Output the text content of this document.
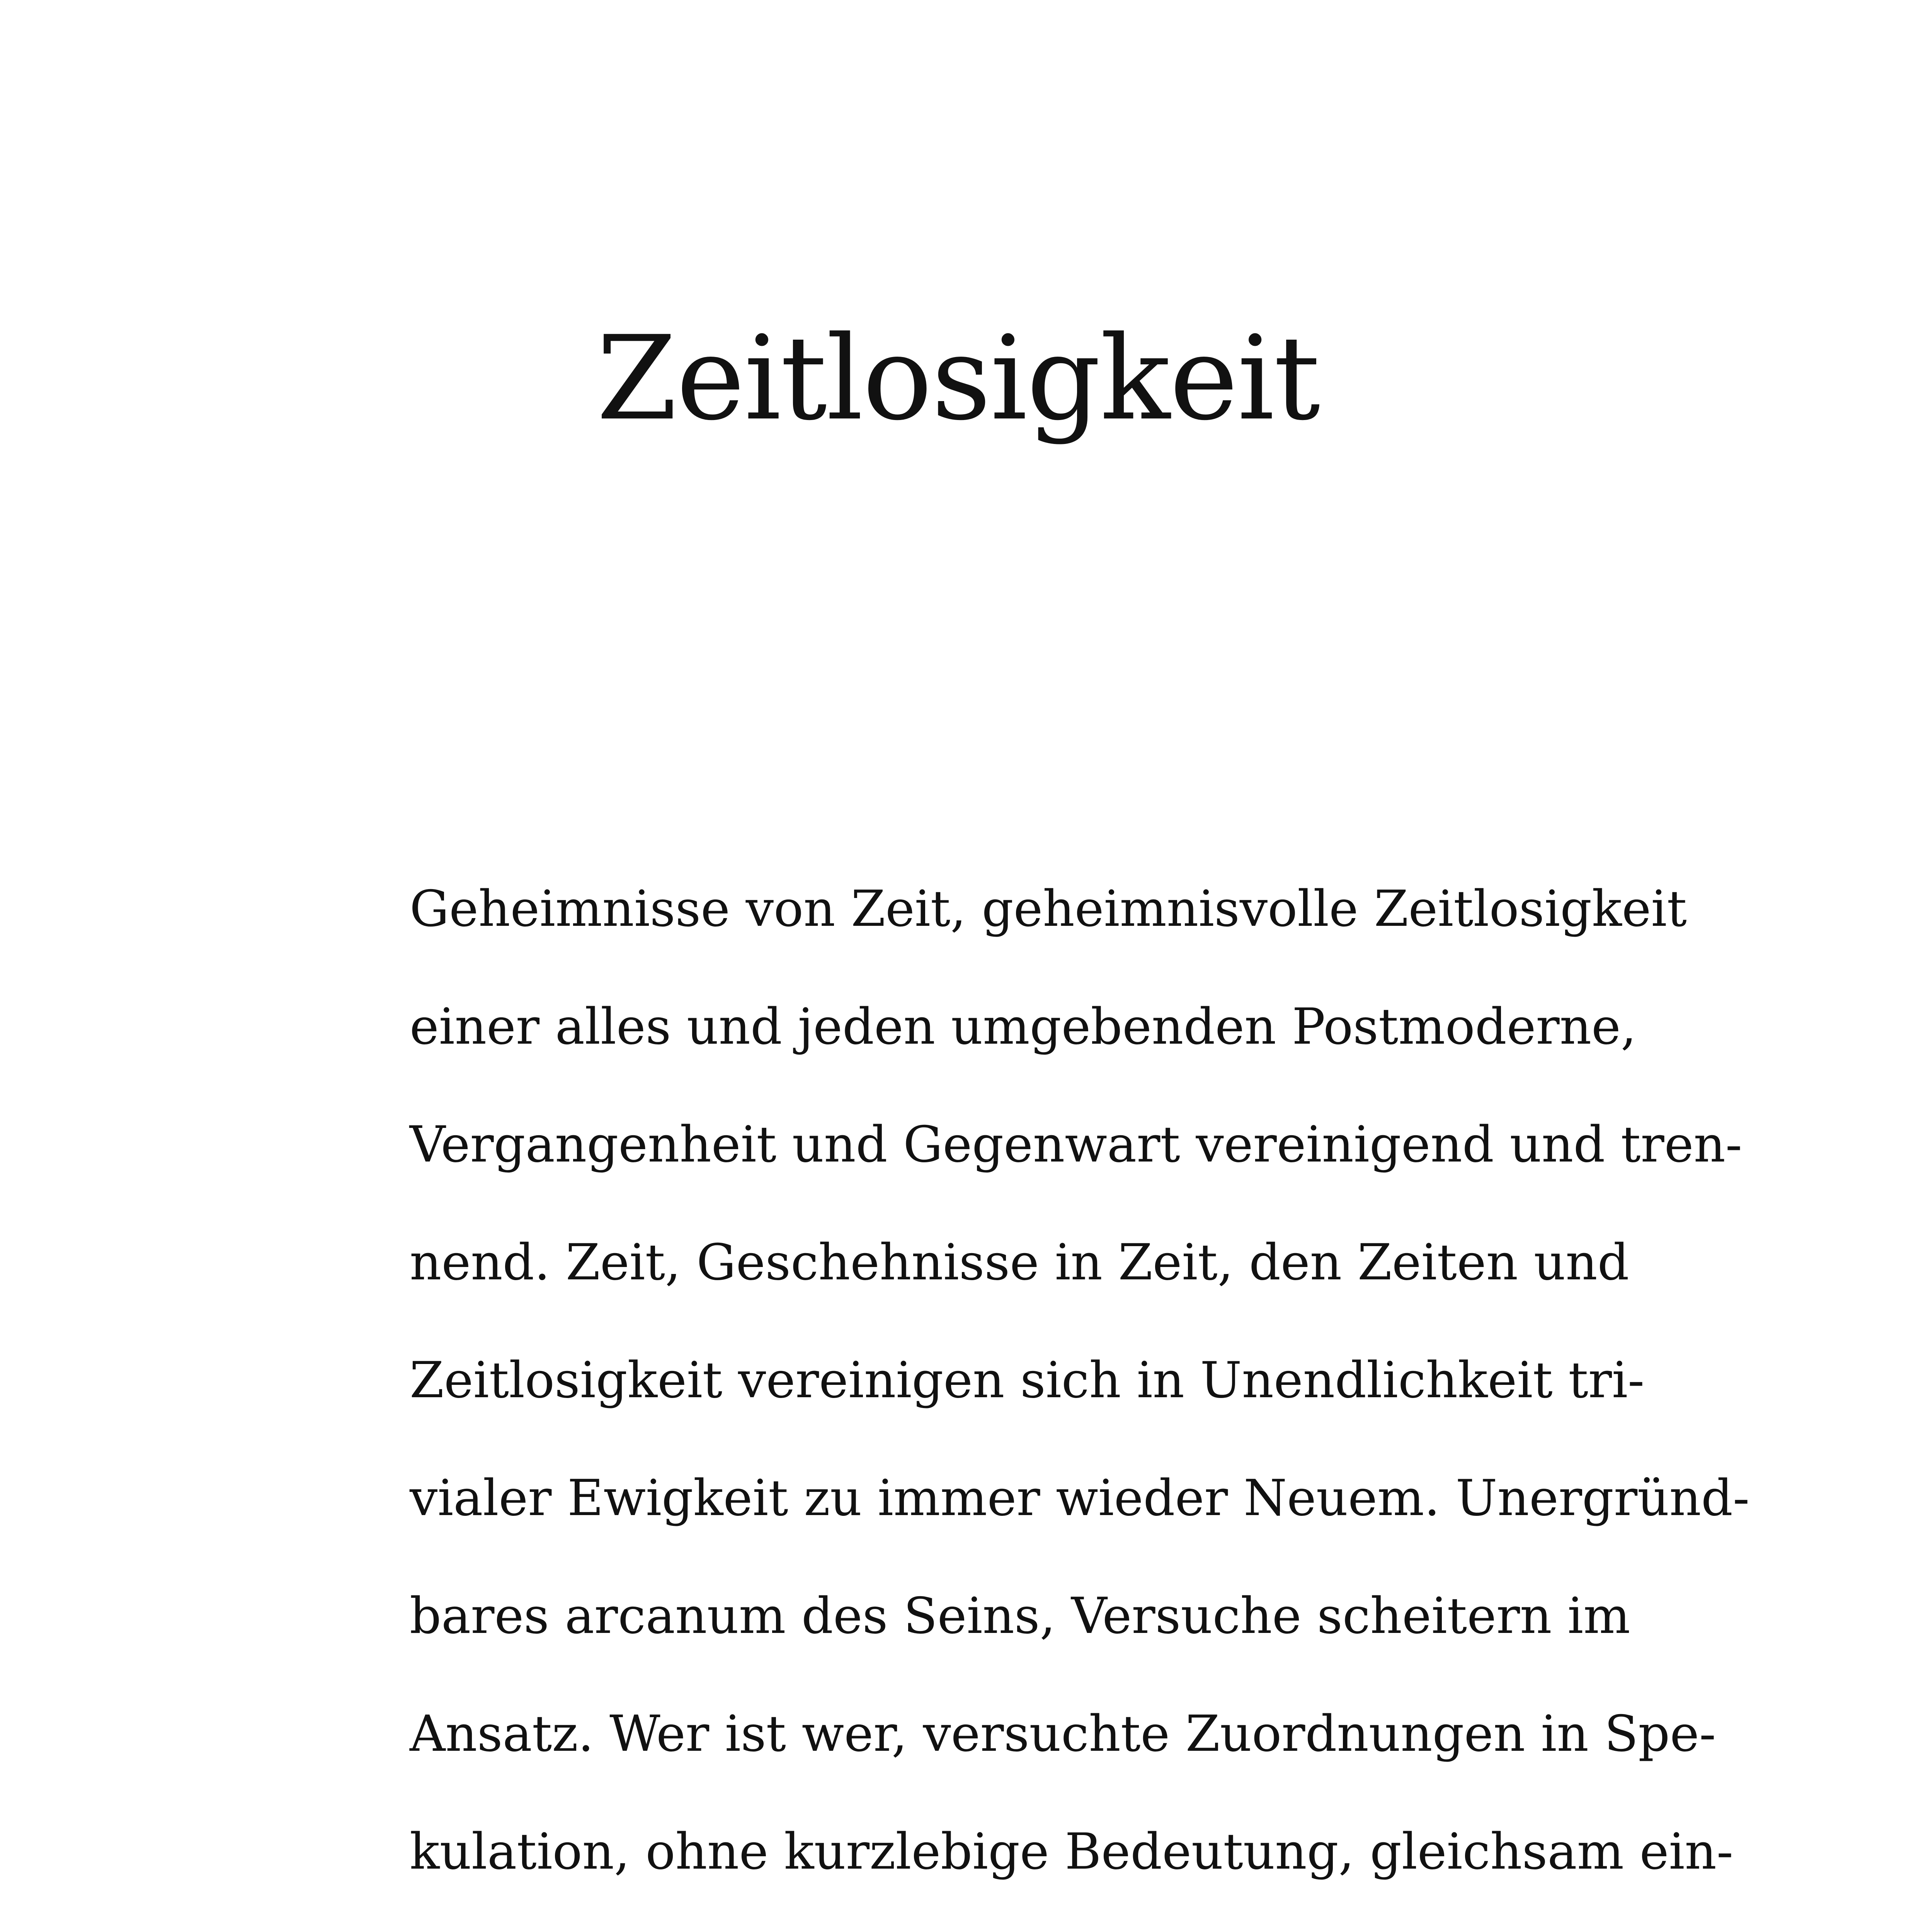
Zeitlosigkeit
Geheimnisse von Zeit, geheimnisvolle Zeitlosigkeit
einer alles und jeden umgebenden Postmoderne,
Vergangenheit und Gegenwart vereinigend und tren-
nend. Zeit, Geschehnisse in Zeit, den Zeiten und
Zeitlosigkeit vereinigen sich in Unendlichkeit tri-
vialer Ewigkeit zu immer wieder Neuem. Unergründ-
bares arcanum des Seins, Versuche scheitern im
Ansatz. Wer ist wer, versuchte Zuordnungen in Spe-
kulation, ohne kurzlebige Bedeutung, gleichsam ein-
